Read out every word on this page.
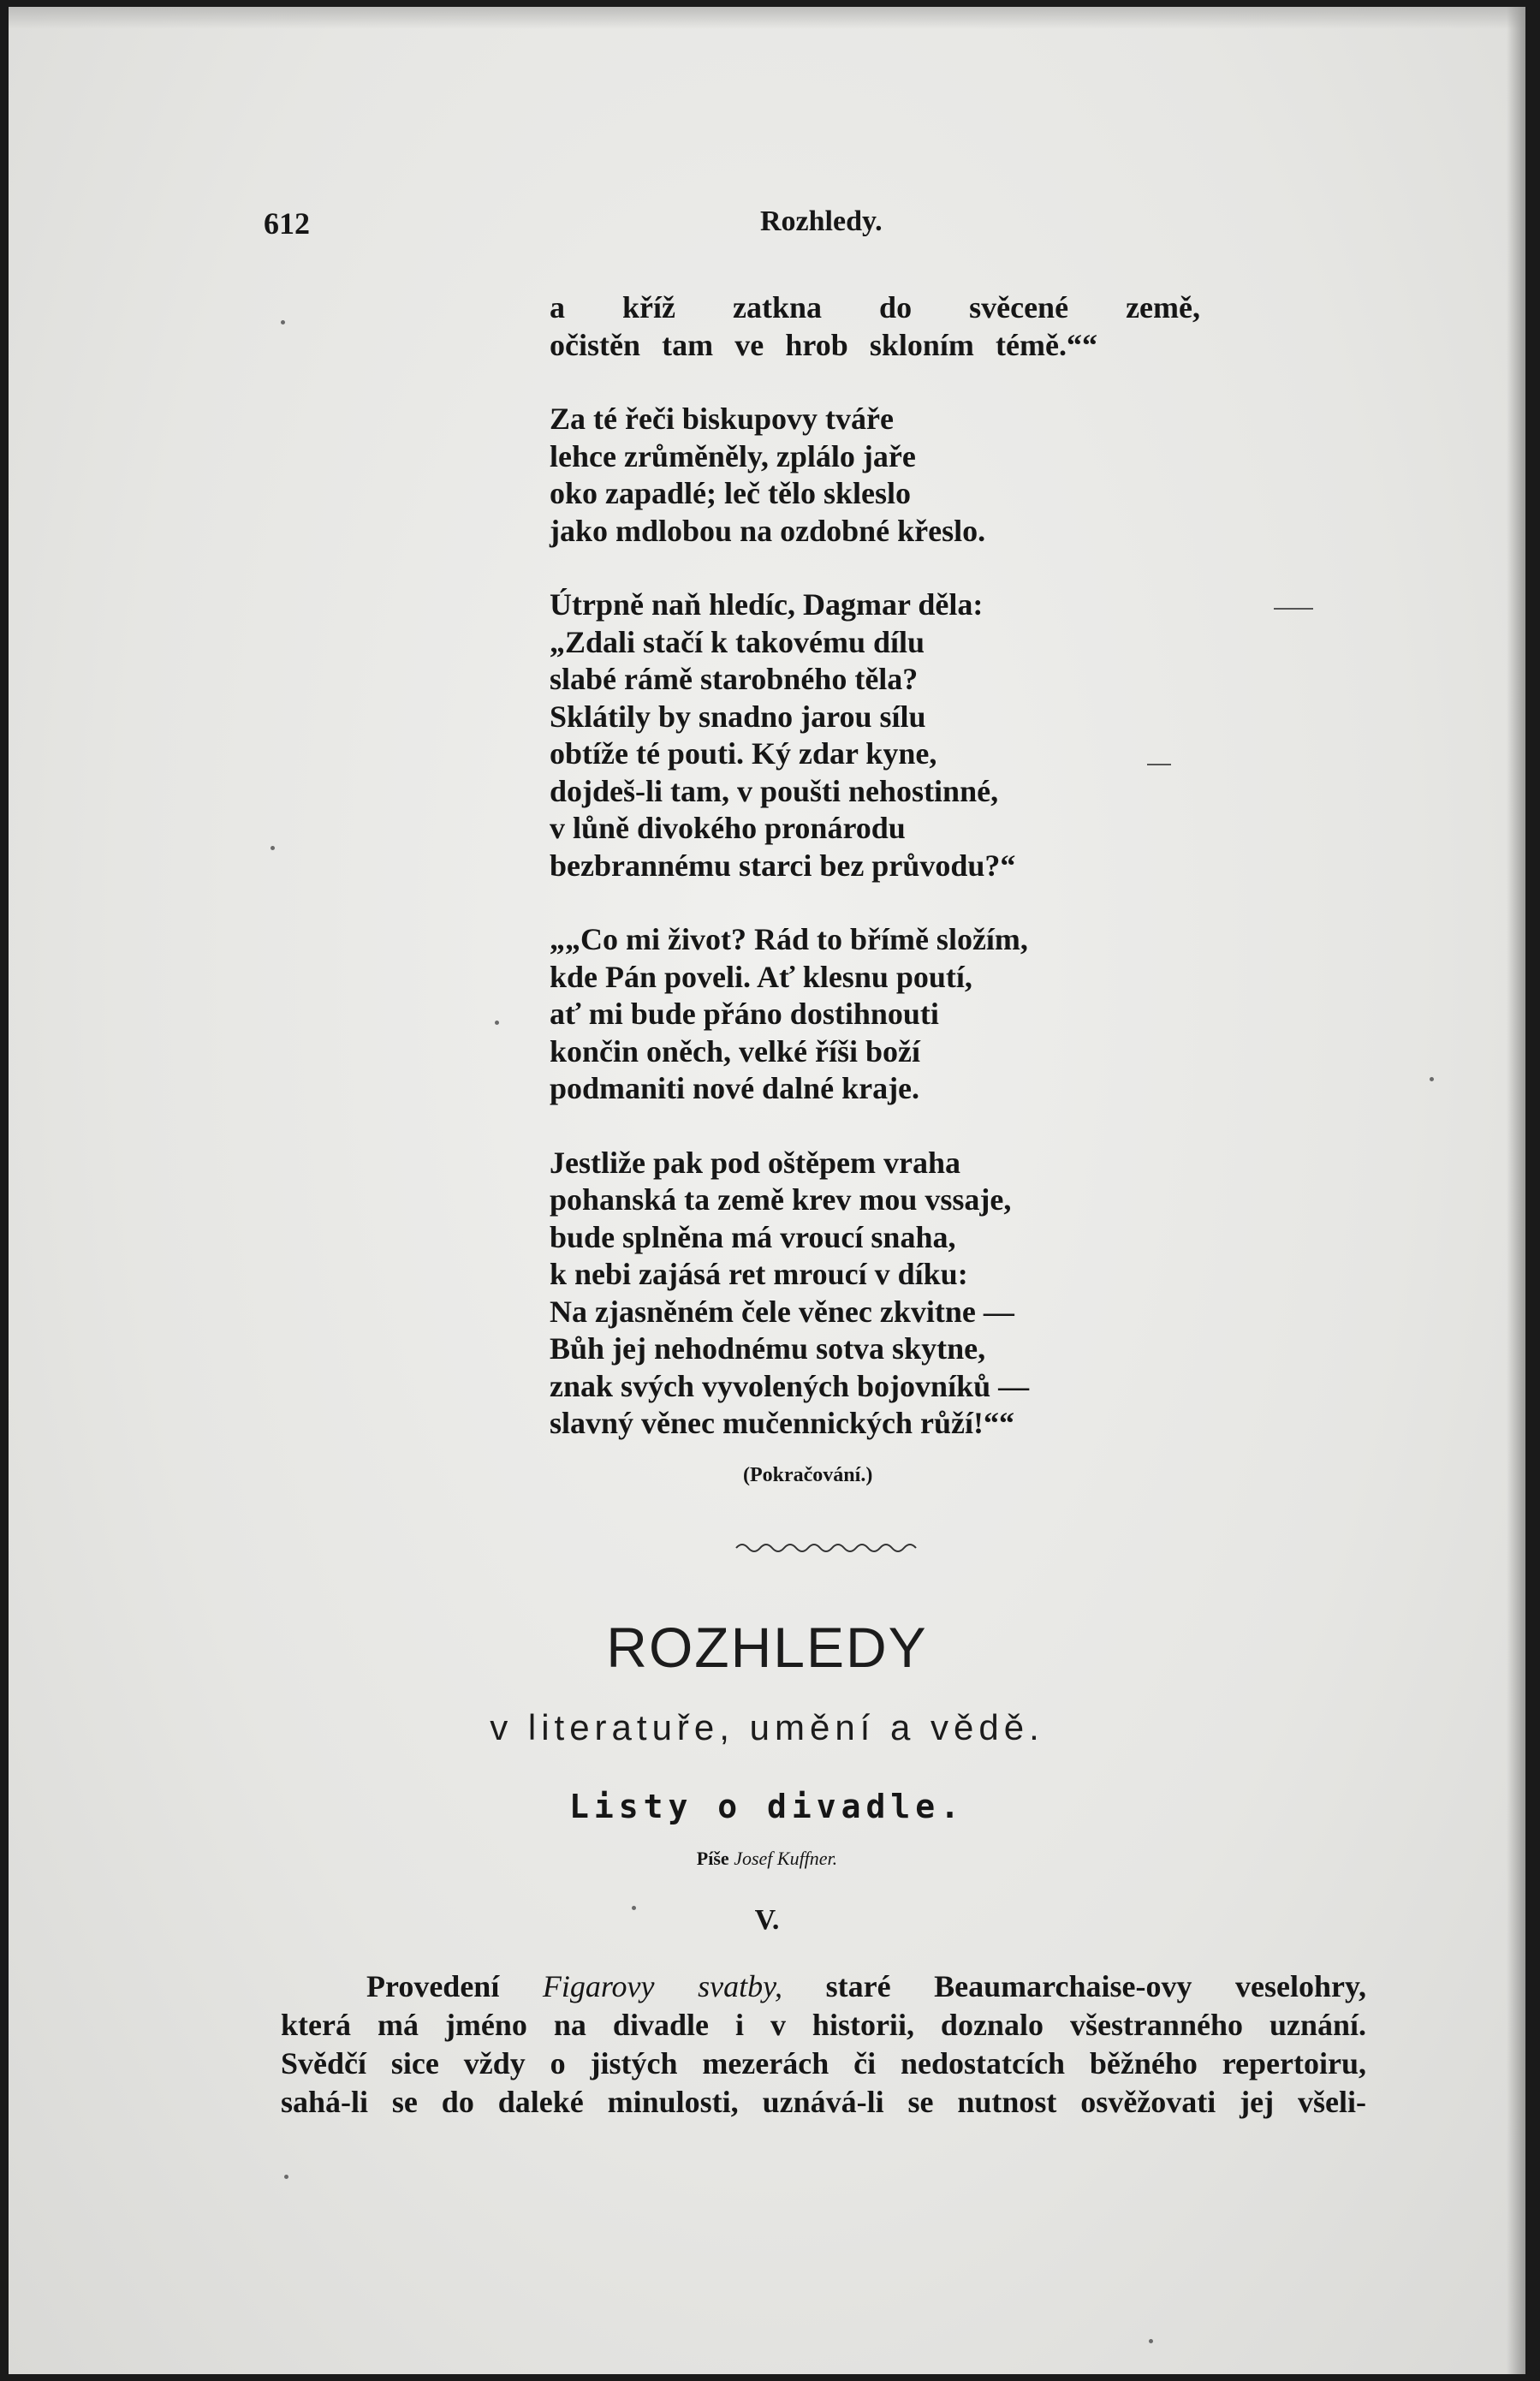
612	Rozhledy.
a kříž zatkna do svěcené země,
očistěn tam ve hrob skloním témě.““
Za té řeči biskupovy tváře
lehce zrůměněly, zplálo jaře
oko zapadlé; leč tělo skleslo
jako mdlobou na ozdobné křeslo.
Útrpně naň hledíc, Dagmar děla:
„Zdali stačí k takovému dílu
slabé rámě starobného těla?
Sklátily by snadno jarou sílu
obtíže té pouti. Ký zdar kyne,
dojdeš-li tam, v poušti nehostinné,
v lůně divokého pronárodu
bezbrannému starci bez průvodu?“
„„Co mi život? Rád to břímě složím,
kde Pán poveli. Ať klesnu poutí,
ať mi bude přáno dostihnouti
končin oněch, velké říši boží
podmaniti nové dalné kraje.
Jestliže pak pod oštěpem vraha
pohanská ta země krev mou vssaje,
bude splněna má vroucí snaha,
k nebi zajásá ret mroucí v díku:
Na zjasněném čele věnec zkvitne —
Bůh jej nehodnému sotva skytne,
znak svých vyvolených bojovníků —
slavný věnec mučennických růží!““
(Pokračování.)
ROZHLEDY
v literatuře, umění a vědě.
Listy o divadle.
Píše Josef Kuffner.
V.
Provedení Figarovy svatby, staré Beaumarchaise-ovy veselohry,
která má jméno na divadle i v historii, doznalo všestranného uznání.
Svědčí sice vždy o jistých mezerách či nedostatcích běžného repertoiru,
sahá-li se do daleké minulosti, uznává-li se nutnost osvěžovati jej všeli-
